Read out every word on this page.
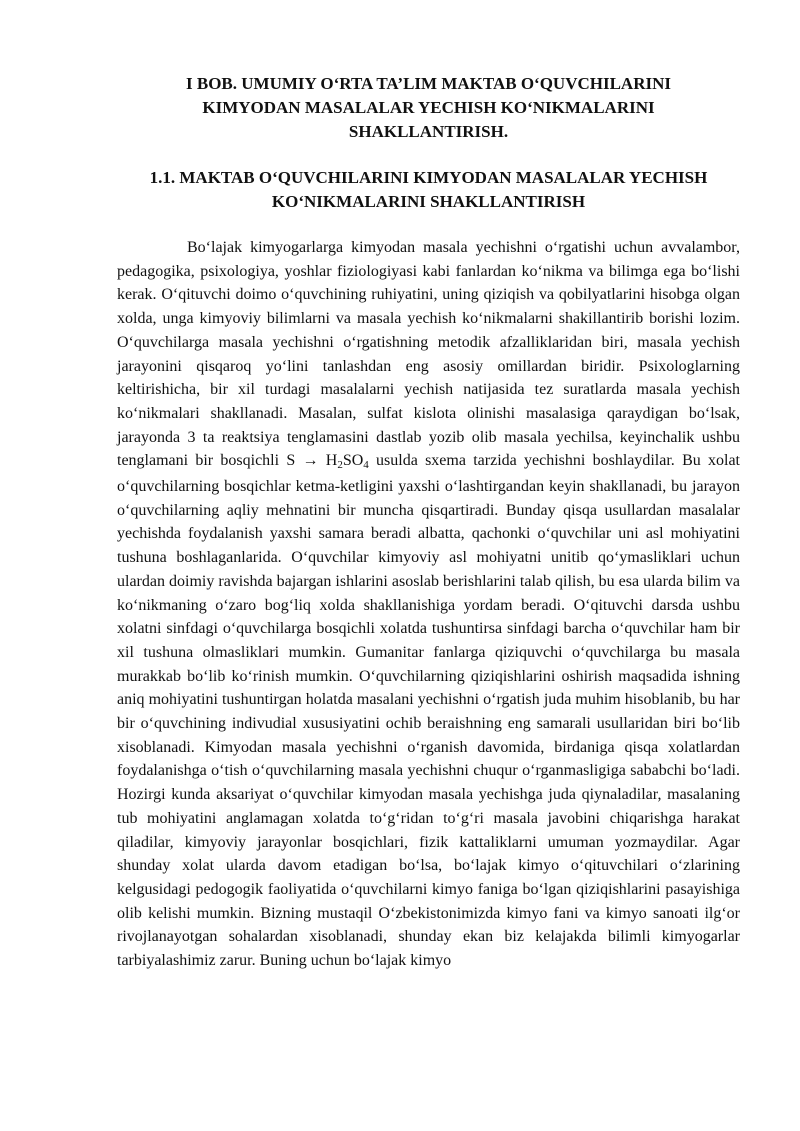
I BOB. UMUMIY O‘RTA TA’LIM MAKTAB O‘QUVCHILARINI KIMYODAN MASALALAR YECHISH KO‘NIKMALARINI SHAKLLANTIRISH.
1.1. MAKTAB O‘QUVCHILARINI KIMYODAN MASALALAR YECHISH KO‘NIKMALARINI SHAKLLANTIRISH

Bo‘lajak kimyogarlarga kimyodan masala yechishni o‘rgatishi uchun avvalambor, pedagogika, psixologiya, yoshlar fiziologiyasi kabi fanlardan ko‘nikma va bilimga ega bo‘lishi kerak. O‘qituvchi doimo o‘quvchining ruhiyatini, uning qiziqish va qobilyatlarini hisobga olgan xolda, unga kimyoviy bilimlarni va masala yechish ko‘nikmalarni shakillantirib borishi lozim. O‘quvchilarga masala yechishni o‘rgatishning metodik afzalliklaridan biri, masala yechish jarayonini qisqaroq yo‘lini tanlashdan eng asosiy omillardan biridir. Psixologlarning keltirishicha, bir xil turdagi masalalarni yechish natijasida tez suratlarda masala yechish ko‘nikmalari shakllanadi. Masalan, sulfat kislota olinishi masalasiga qaraydigan bo‘lsak, jarayonda 3 ta reaktsiya tenglamasini dastlab yozib olib masala yechilsa, keyinchalik ushbu tenglamani bir bosqichli $S \to H_2SO_4$ usulda sxema tarzida yechishni boshlaydilar. Bu xolat o‘quvchilarning bosqichlar ketma-ketligini yaxshi o‘lashtirgandan keyin shakllanadi, bu jarayon o‘quvchilarning aqliy mehnatini bir muncha qisqartiradi. Bunday qisqa usullardan masalalar yechishda foydalanish yaxshi samara beradi albatta, qachonki o‘quvchilar uni asl mohiyatini tushuna boshlaganlarida. O‘quvchilar kimyoviy asl mohiyatni unitib qo‘ymasliklari uchun ulardan doimiy ravishda bajargan ishlarini asoslab berishlarini talab qilish, bu esa ularda bilim va ko‘nikmaning o‘zaro bog‘liq xolda shakllanishiga yordam beradi. O‘qituvchi darsda ushbu xolatni sinfdagi o‘quvchilarga bosqichli xolatda tushuntirsa sinfdagi barcha o‘quvchilar ham bir xil tushuna olmasliklari mumkin. Gumanitar fanlarga qiziquvchi o‘quvchilarga bu masala murakkab bo‘lib ko‘rinish mumkin. O‘quvchilarning qiziqishlarini oshirish maqsadida ishning aniq mohiyatini tushuntirgan holatda masalani yechishni o‘rgatish juda muhim hisoblanib, bu har bir o‘quvchining indivudial xususiyatini ochib beraishning eng samarali usullaridan biri bo‘lib xisoblanadi. Kimyodan masala yechishni o‘rganish davomida, birdaniga qisqa xolatlardan foydalanishga o‘tish o‘quvchilarning masala yechishni chuqur o‘rganmasligiga sababchi bo‘ladi. Hozirgi kunda aksariyat o‘quvchilar kimyodan masala yechishga juda qiynaladilar, masalaning tub mohiyatini anglamagan xolatda to‘g‘ridan to‘g‘ri masala javobini chiqarishga harakat qiladilar, kimyoviy jarayonlar bosqichlari, fizik kattaliklarni umuman yozmaydilar. Agar shunday xolat ularda davom etadigan bo‘lsa, bo‘lajak kimyo o‘qituvchilari o‘zlarining kelgusidagi pedogogik faoliyatida o‘quvchilarni kimyo faniga bo‘lgan qiziqishlarini pasayishiga olib kelishi mumkin. Bizning mustaqil O‘zbekistonimizda kimyo fani va kimyo sanoati ilg‘or rivojlanayotgan sohalardan xisoblanadi, shunday ekan biz kelajakda bilimli kimyogarlar tarbiyalashimiz zarur. Buning uchun bo‘lajak kimyo
